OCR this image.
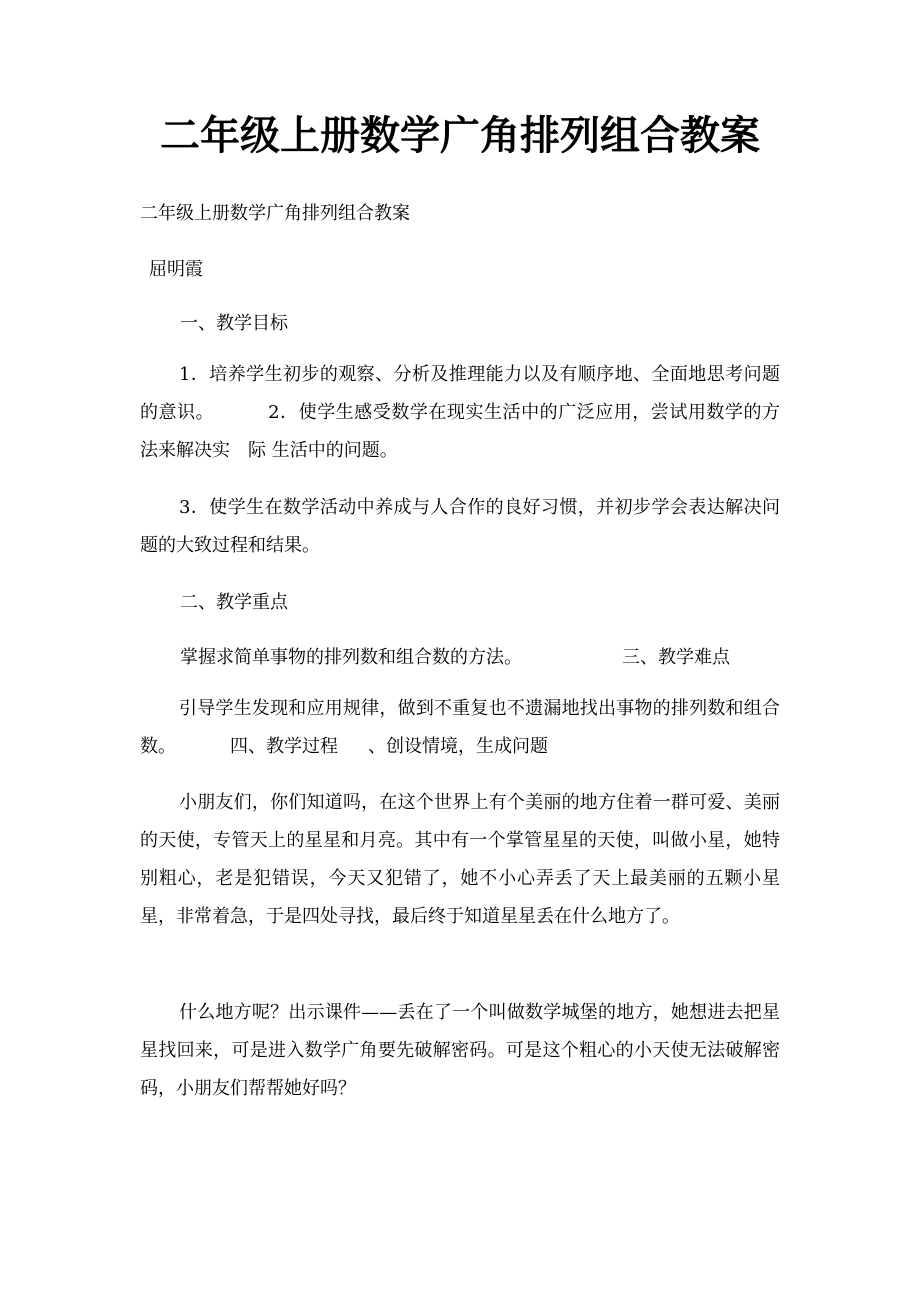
二年级上册数学广角排列组合教案
二年级上册数学广角排列组合教案
屈明霞
一、教学目标

1．培养学生初步的观察、分析及推理能力以及有顺序地、全面地思考问题的意识。	2．使学生感受数学在现实生活中的广泛应用，尝试用数学的方法来解决实　际 生活中的问题。

3．使学生在数学活动中养成与人合作的良好习惯，并初步学会表达解决问题的大致过程和结果。

二、教学重点
掌握求简单事物的排列数和组合数的方法。	三、教学难点

引导学生发现和应用规律，做到不重复也不遗漏地找出事物的排列数和组合数。	四、教学过程 、创设情境，生成问题

小朋友们，你们知道吗，在这个世界上有个美丽的地方住着一群可爱、美丽的天使，专管天上的星星和月亮。其中有一个掌管星星的天使，叫做小星，她特别粗心，老是犯错误，今天又犯错了，她不小心弄丢了天上最美丽的五颗小星星，非常着急，于是四处寻找，最后终于知道星星丢在什么地方了。

什么地方呢？出示课件——丢在了一个叫做数学城堡的地方，她想进去把星星找回来，可是进入数学广角要先破解密码。可是这个粗心的小天使无法破解密码，小朋友们帮帮她好吗？
